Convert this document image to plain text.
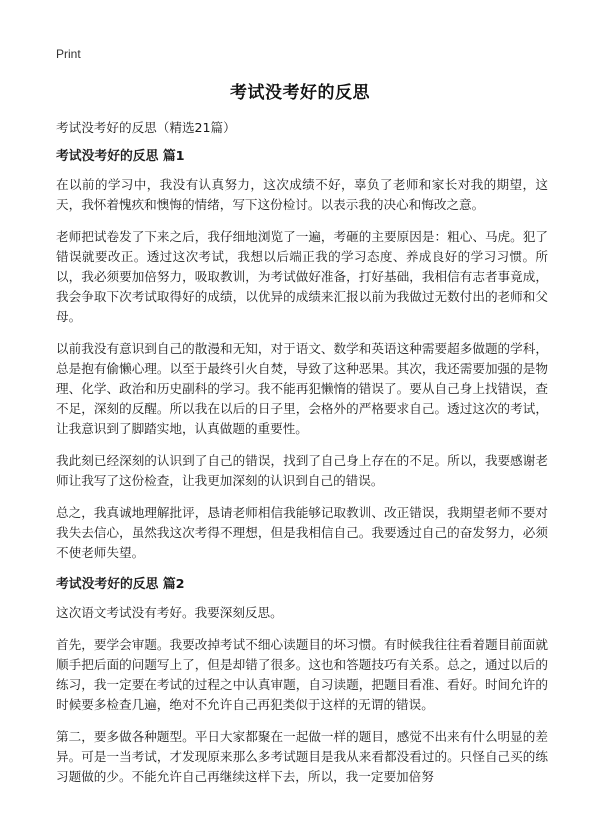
Print
考试没考好的反思
考试没考好的反思（精选21篇）
考试没考好的反思 篇1

在以前的学习中，我没有认真努力，这次成绩不好，辜负了老师和家长对我的期望，这天，我怀着愧疚和懊悔的情绪，写下这份检讨。以表示我的决心和悔改之意。

老师把试卷发了下来之后，我仔细地浏览了一遍，考砸的主要原因是：粗心、马虎。犯了错误就要改正。透过这次考试，我想以后端正我的学习态度、养成良好的学习习惯。所以，我必须要加倍努力，吸取教训，为考试做好准备，打好基础，我相信有志者事竟成，我会争取下次考试取得好的成绩，以优异的成绩来汇报以前为我做过无数付出的老师和父母。

以前我没有意识到自己的散漫和无知，对于语文、数学和英语这种需要超多做题的学科，总是抱有偷懒心理。以至于最终引火自焚，导致了这种恶果。其次，我还需要加强的是物理、化学、政治和历史副科的学习。我不能再犯懒惰的错误了。要从自己身上找错误，查不足，深刻的反醒。所以我在以后的日子里，会格外的严格要求自己。透过这次的考试，让我意识到了脚踏实地，认真做题的重要性。

我此刻已经深刻的认识到了自己的错误，找到了自己身上存在的不足。所以，我要感谢老师让我写了这份检查，让我更加深刻的认识到自己的错误。

总之，我真诚地理解批评，恳请老师相信我能够记取教训、改正错误，我期望老师不要对我失去信心，虽然我这次考得不理想，但是我相信自己。我要透过自己的奋发努力，必须不使老师失望。

考试没考好的反思 篇2

这次语文考试没有考好。我要深刻反思。

首先，要学会审题。我要改掉考试不细心读题目的坏习惯。有时候我往往看着题目前面就顺手把后面的问题写上了，但是却错了很多。这也和答题技巧有关系。总之，通过以后的练习，我一定要在考试的过程之中认真审题，自习读题，把题目看准、看好。时间允许的时候要多检查几遍，绝对不允许自己再犯类似于这样的无谓的错误。

第二，要多做各种题型。平日大家都聚在一起做一样的题目，感觉不出来有什么明显的差异。可是一当考试，才发现原来那么多考试题目是我从来看都没看过的。只怪自己买的练习题做的少。不能允许自己再继续这样下去，所以，我一定要加倍努
